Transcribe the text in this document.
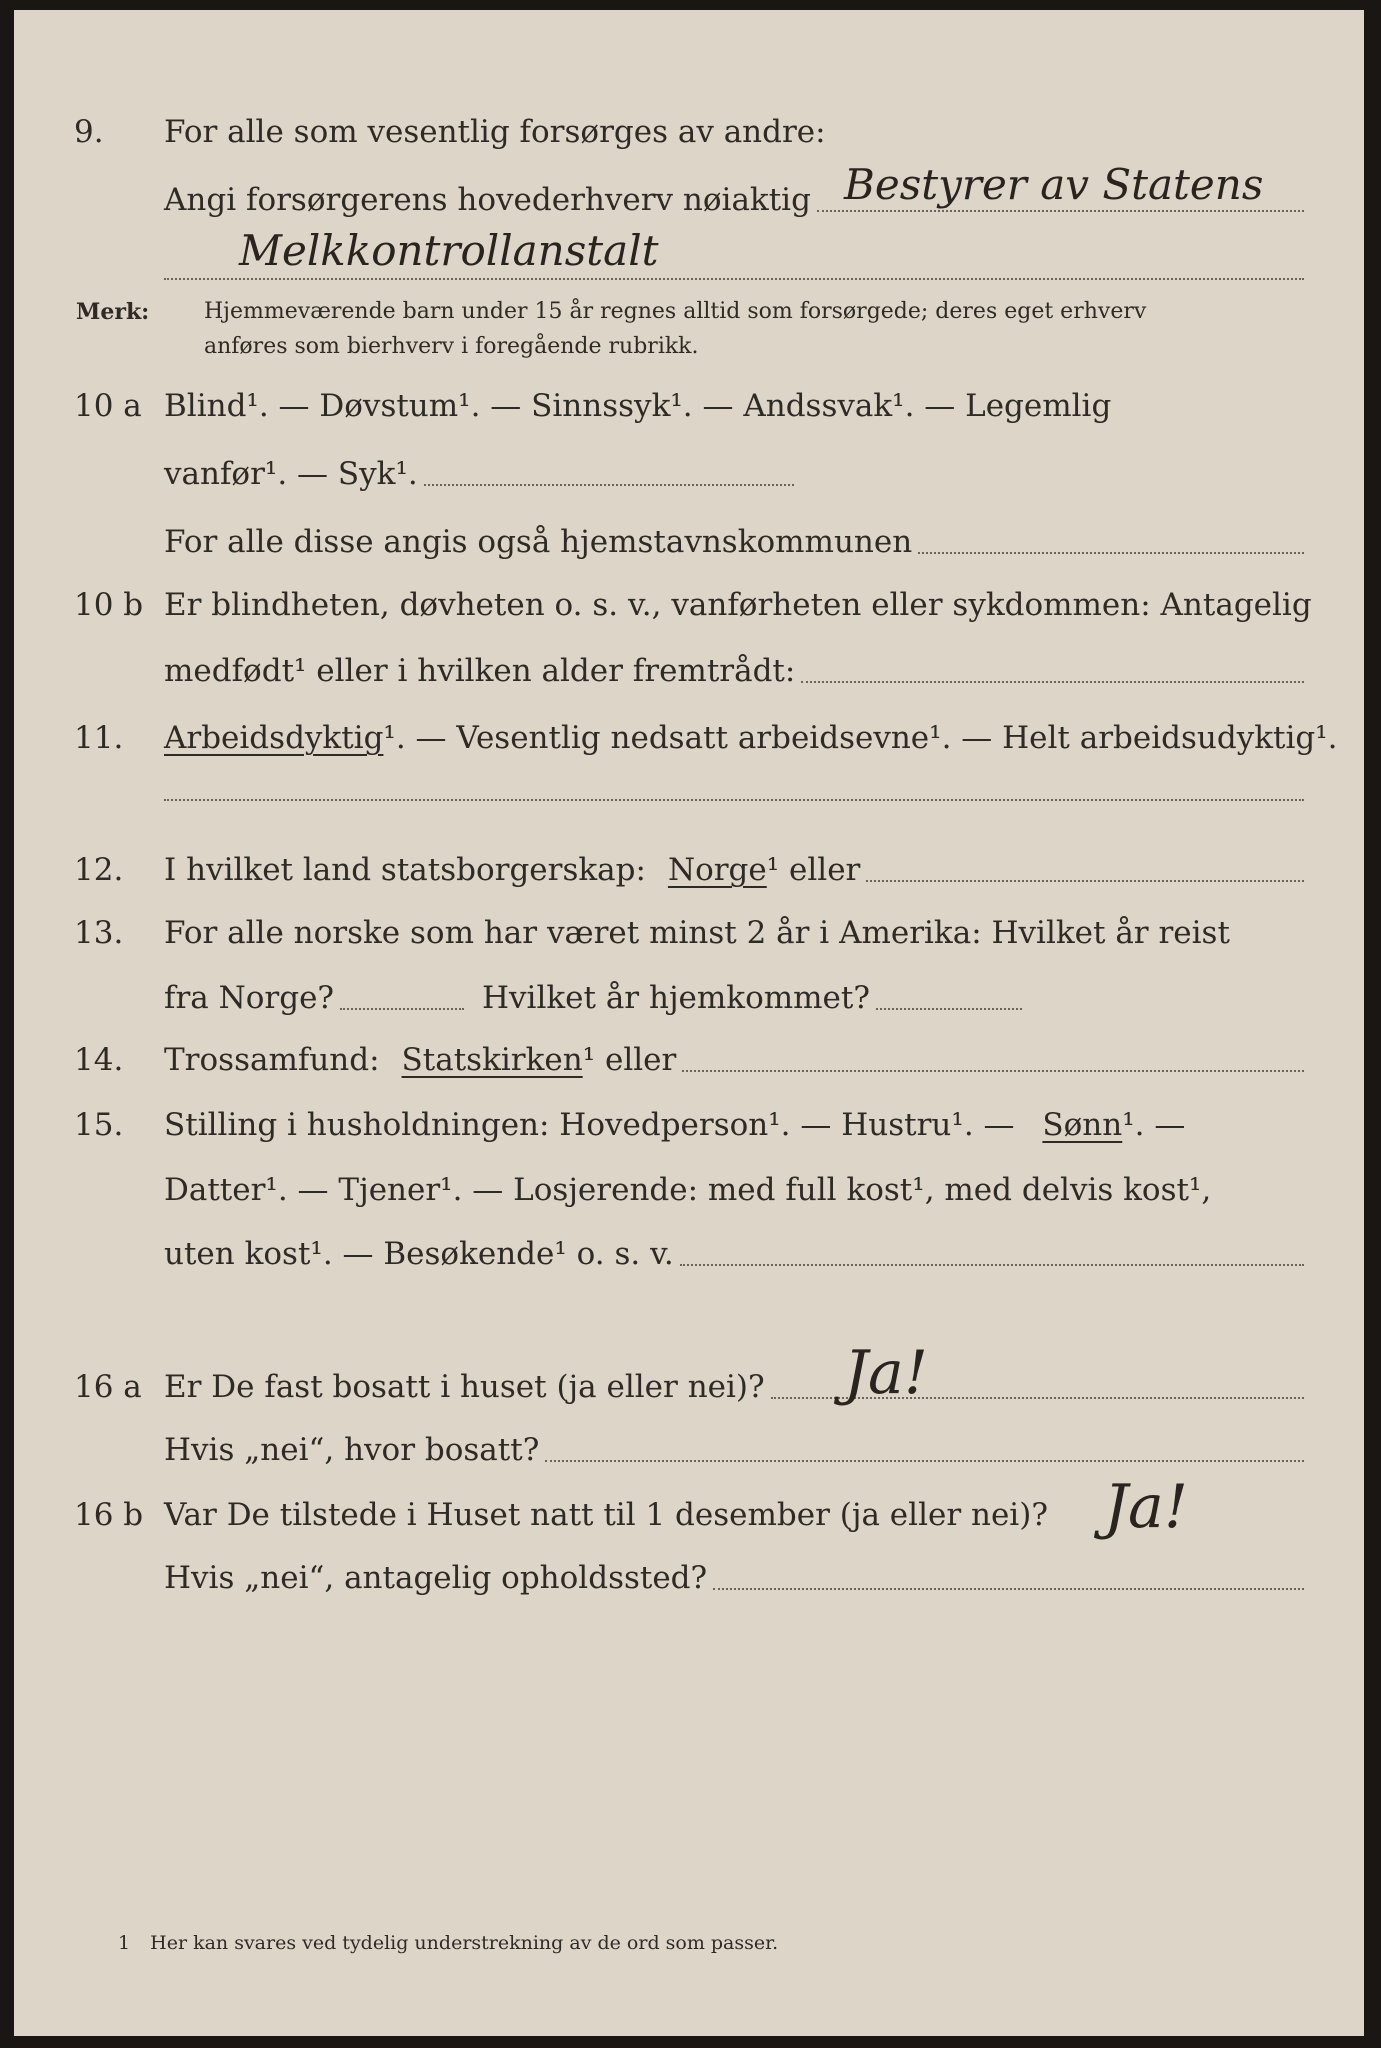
9. For alle som vesentlig forsørges av andre:
Angi forsørgerens hovederhverv nøiaktig Bestyrer av Statens
Melkkontrollanstalt
Merk: Hjemmeværende barn under 15 år regnes alltid som forsørgede; deres eget erhverv
anføres som bierhverv i foregående rubrikk.
10 a Blind¹. — Døvstum¹. — Sinnssyk¹. — Andssvak¹. — Legemlig
vanfør¹. — Syk¹.
For alle disse angis også hjemstavnskommunen
10 b Er blindheten, døvheten o. s. v., vanførheten eller sykdommen: Antagelig
medfødt¹ eller i hvilken alder fremtrådt:
11. Arbeidsdyktig¹. — Vesentlig nedsatt arbeidsevne¹. — Helt arbeidsudyktig¹.
12. I hvilket land statsborgerskap: Norge ¹ eller
13. For alle norske som har været minst 2 år i Amerika: Hvilket år reist
fra Norge?	Hvilket år hjemkommet?
14. Trossamfund: Statskirken ¹ eller
15. Stilling i husholdningen: Hovedperson¹. — Hustru¹. — Sønn¹. —
Datter¹. — Tjener¹. — Losjerende: med full kost¹, med delvis kost¹,
uten kost¹. — Besøkende¹ o. s. v.
16 a Er De fast bosatt i huset (ja eller nei)? Ja!
Hvis „nei“, hvor bosatt?
16 b Var De tilstede i Huset natt til 1 desember (ja eller nei)? Ja!
Hvis „nei“, antagelig opholdssted?
1 Her kan svares ved tydelig understrekning av de ord som passer.
